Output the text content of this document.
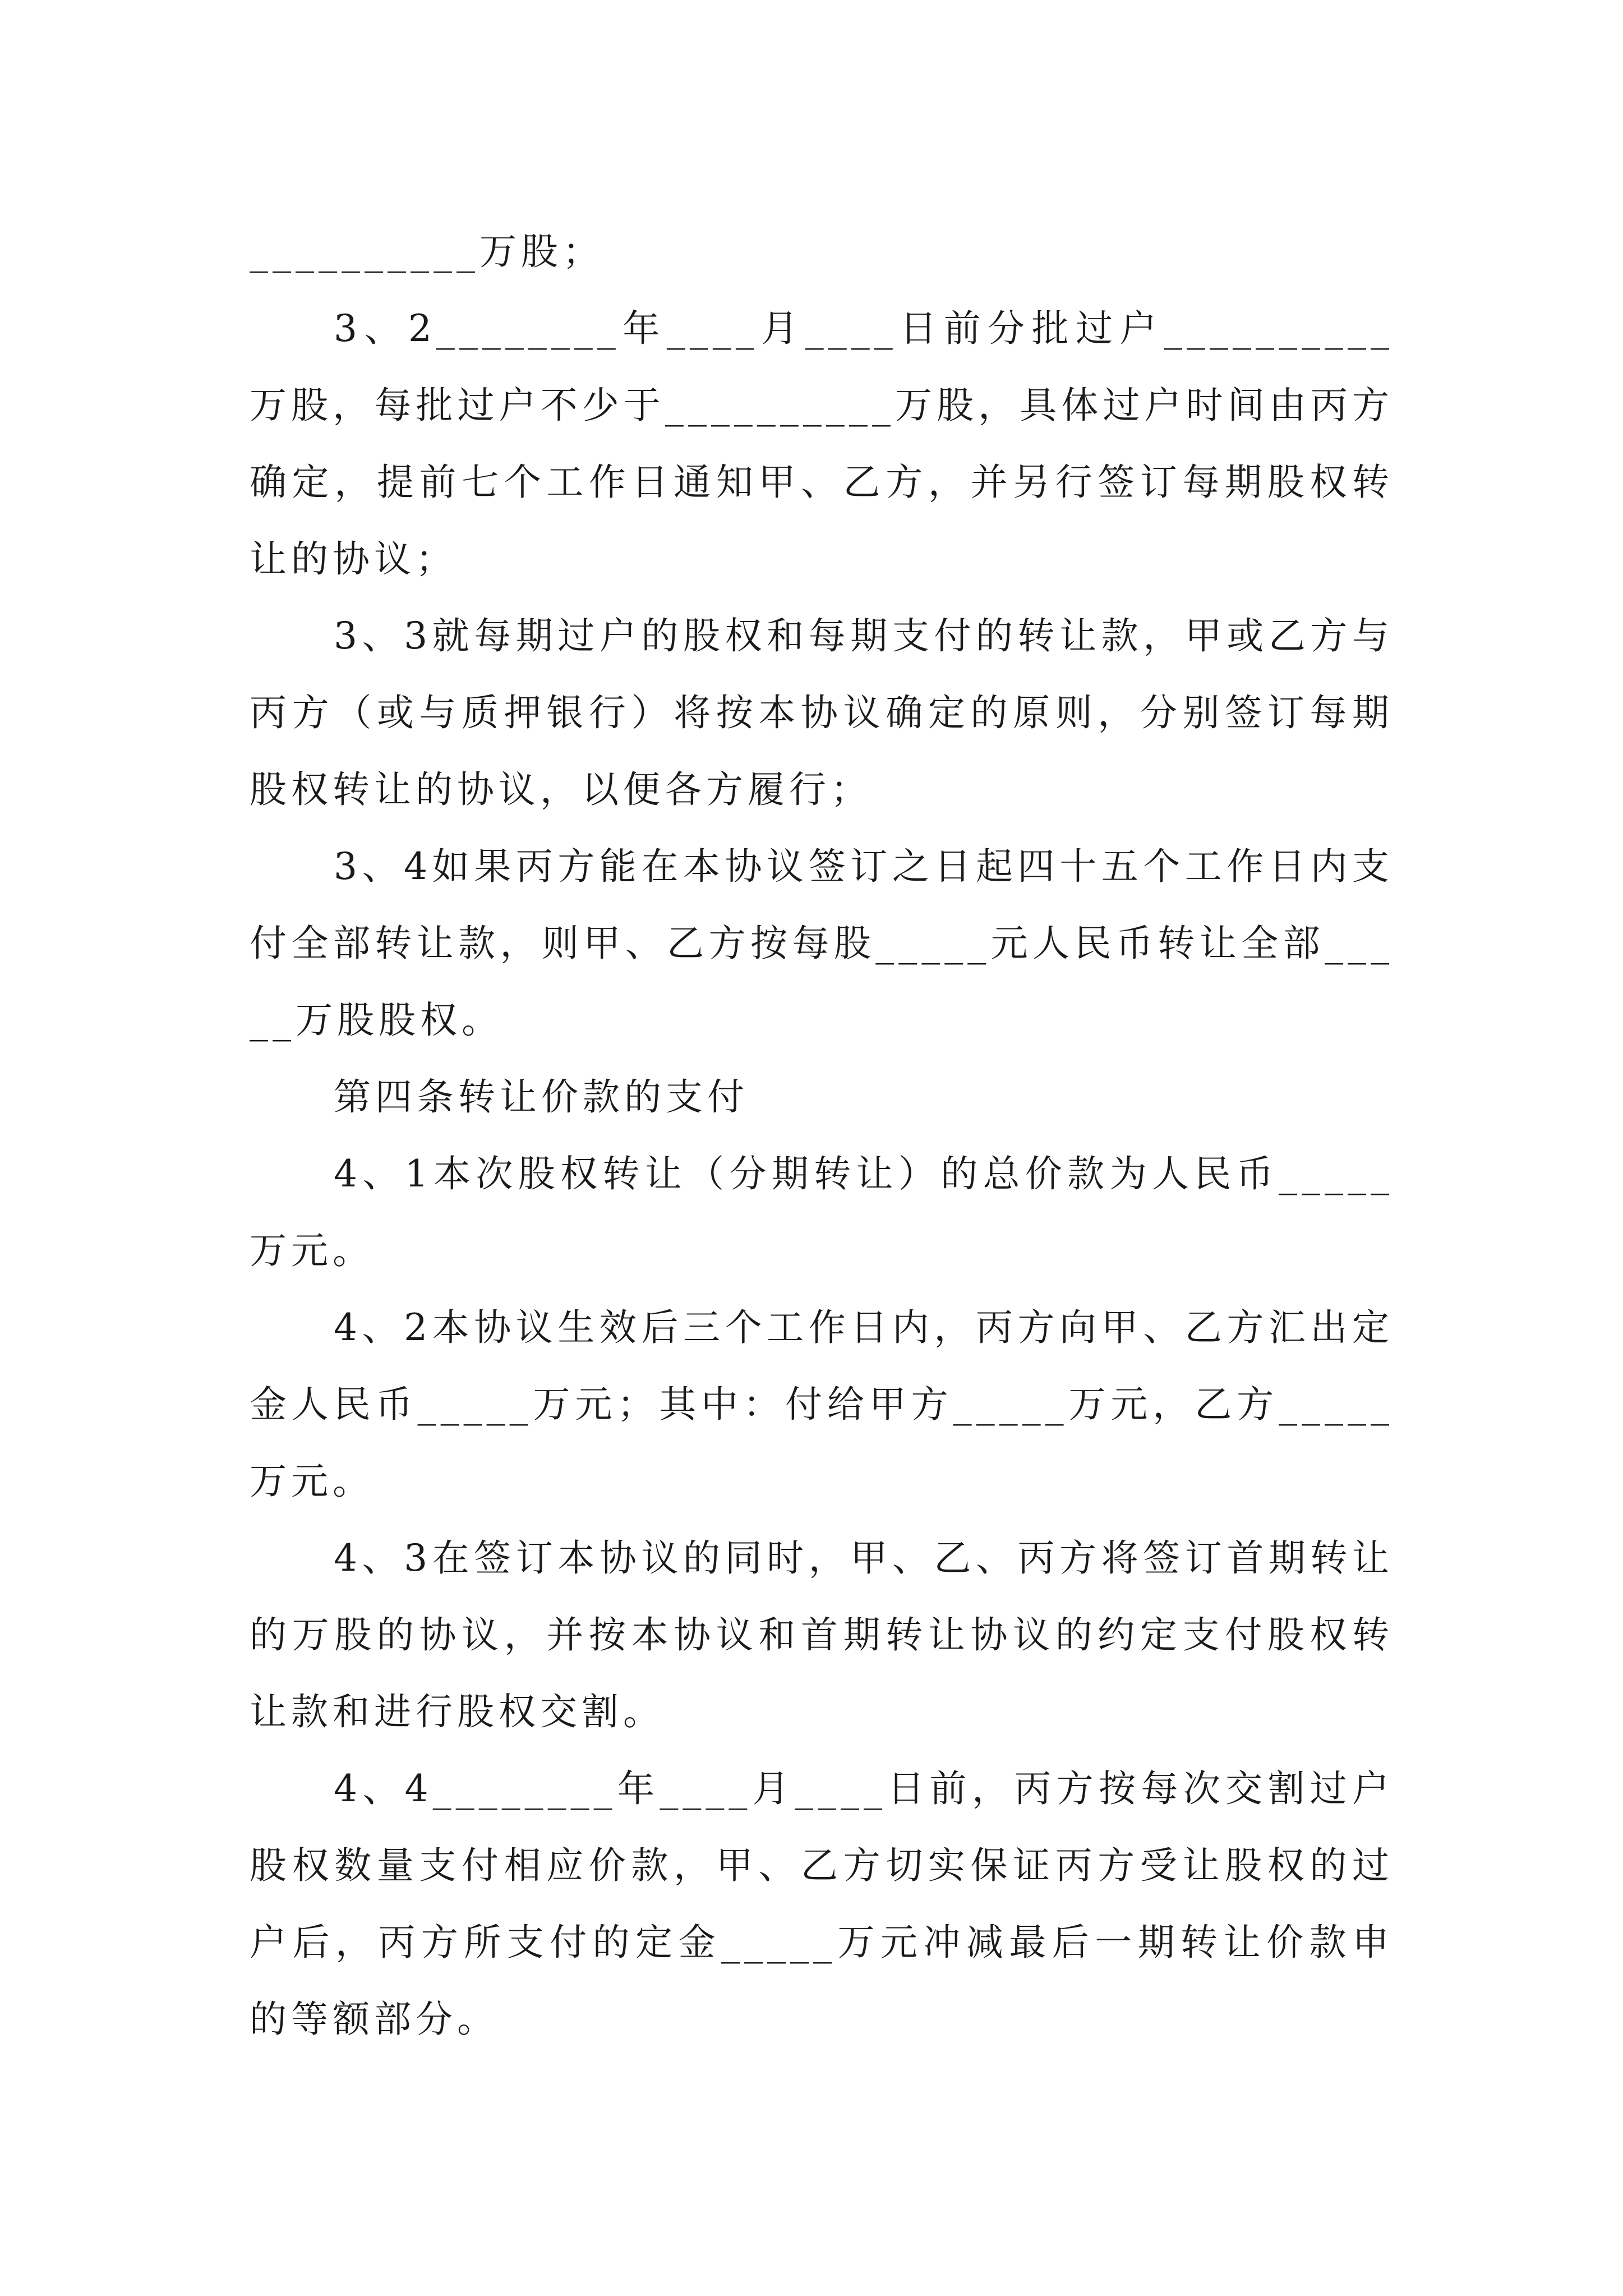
__________万股；

3、2________年____月____日前分批过户__________万股，每批过户不少于__________万股，具体过户时间由丙方确定，提前七个工作日通知甲、乙方，并另行签订每期股权转让的协议；

3、3就每期过户的股权和每期支付的转让款，甲或乙方与丙方（或与质押银行）将按本协议确定的原则，分别签订每期股权转让的协议，以便各方履行；

3、4如果丙方能在本协议签订之日起四十五个工作日内支付全部转让款，则甲、乙方按每股_____元人民币转让全部_____万股股权。

第四条转让价款的支付

4、1本次股权转让（分期转让）的总价款为人民币_____万元。

4、2本协议生效后三个工作日内，丙方向甲、乙方汇出定金人民币_____万元；其中：付给甲方_____万元，乙方_____万元。

4、3在签订本协议的同时，甲、乙、丙方将签订首期转让的万股的协议，并按本协议和首期转让协议的约定支付股权转让款和进行股权交割。

4、4________年____月____日前，丙方按每次交割过户股权数量支付相应价款，甲、乙方切实保证丙方受让股权的过户后，丙方所支付的定金_____万元冲减最后一期转让价款申的等额部分。
